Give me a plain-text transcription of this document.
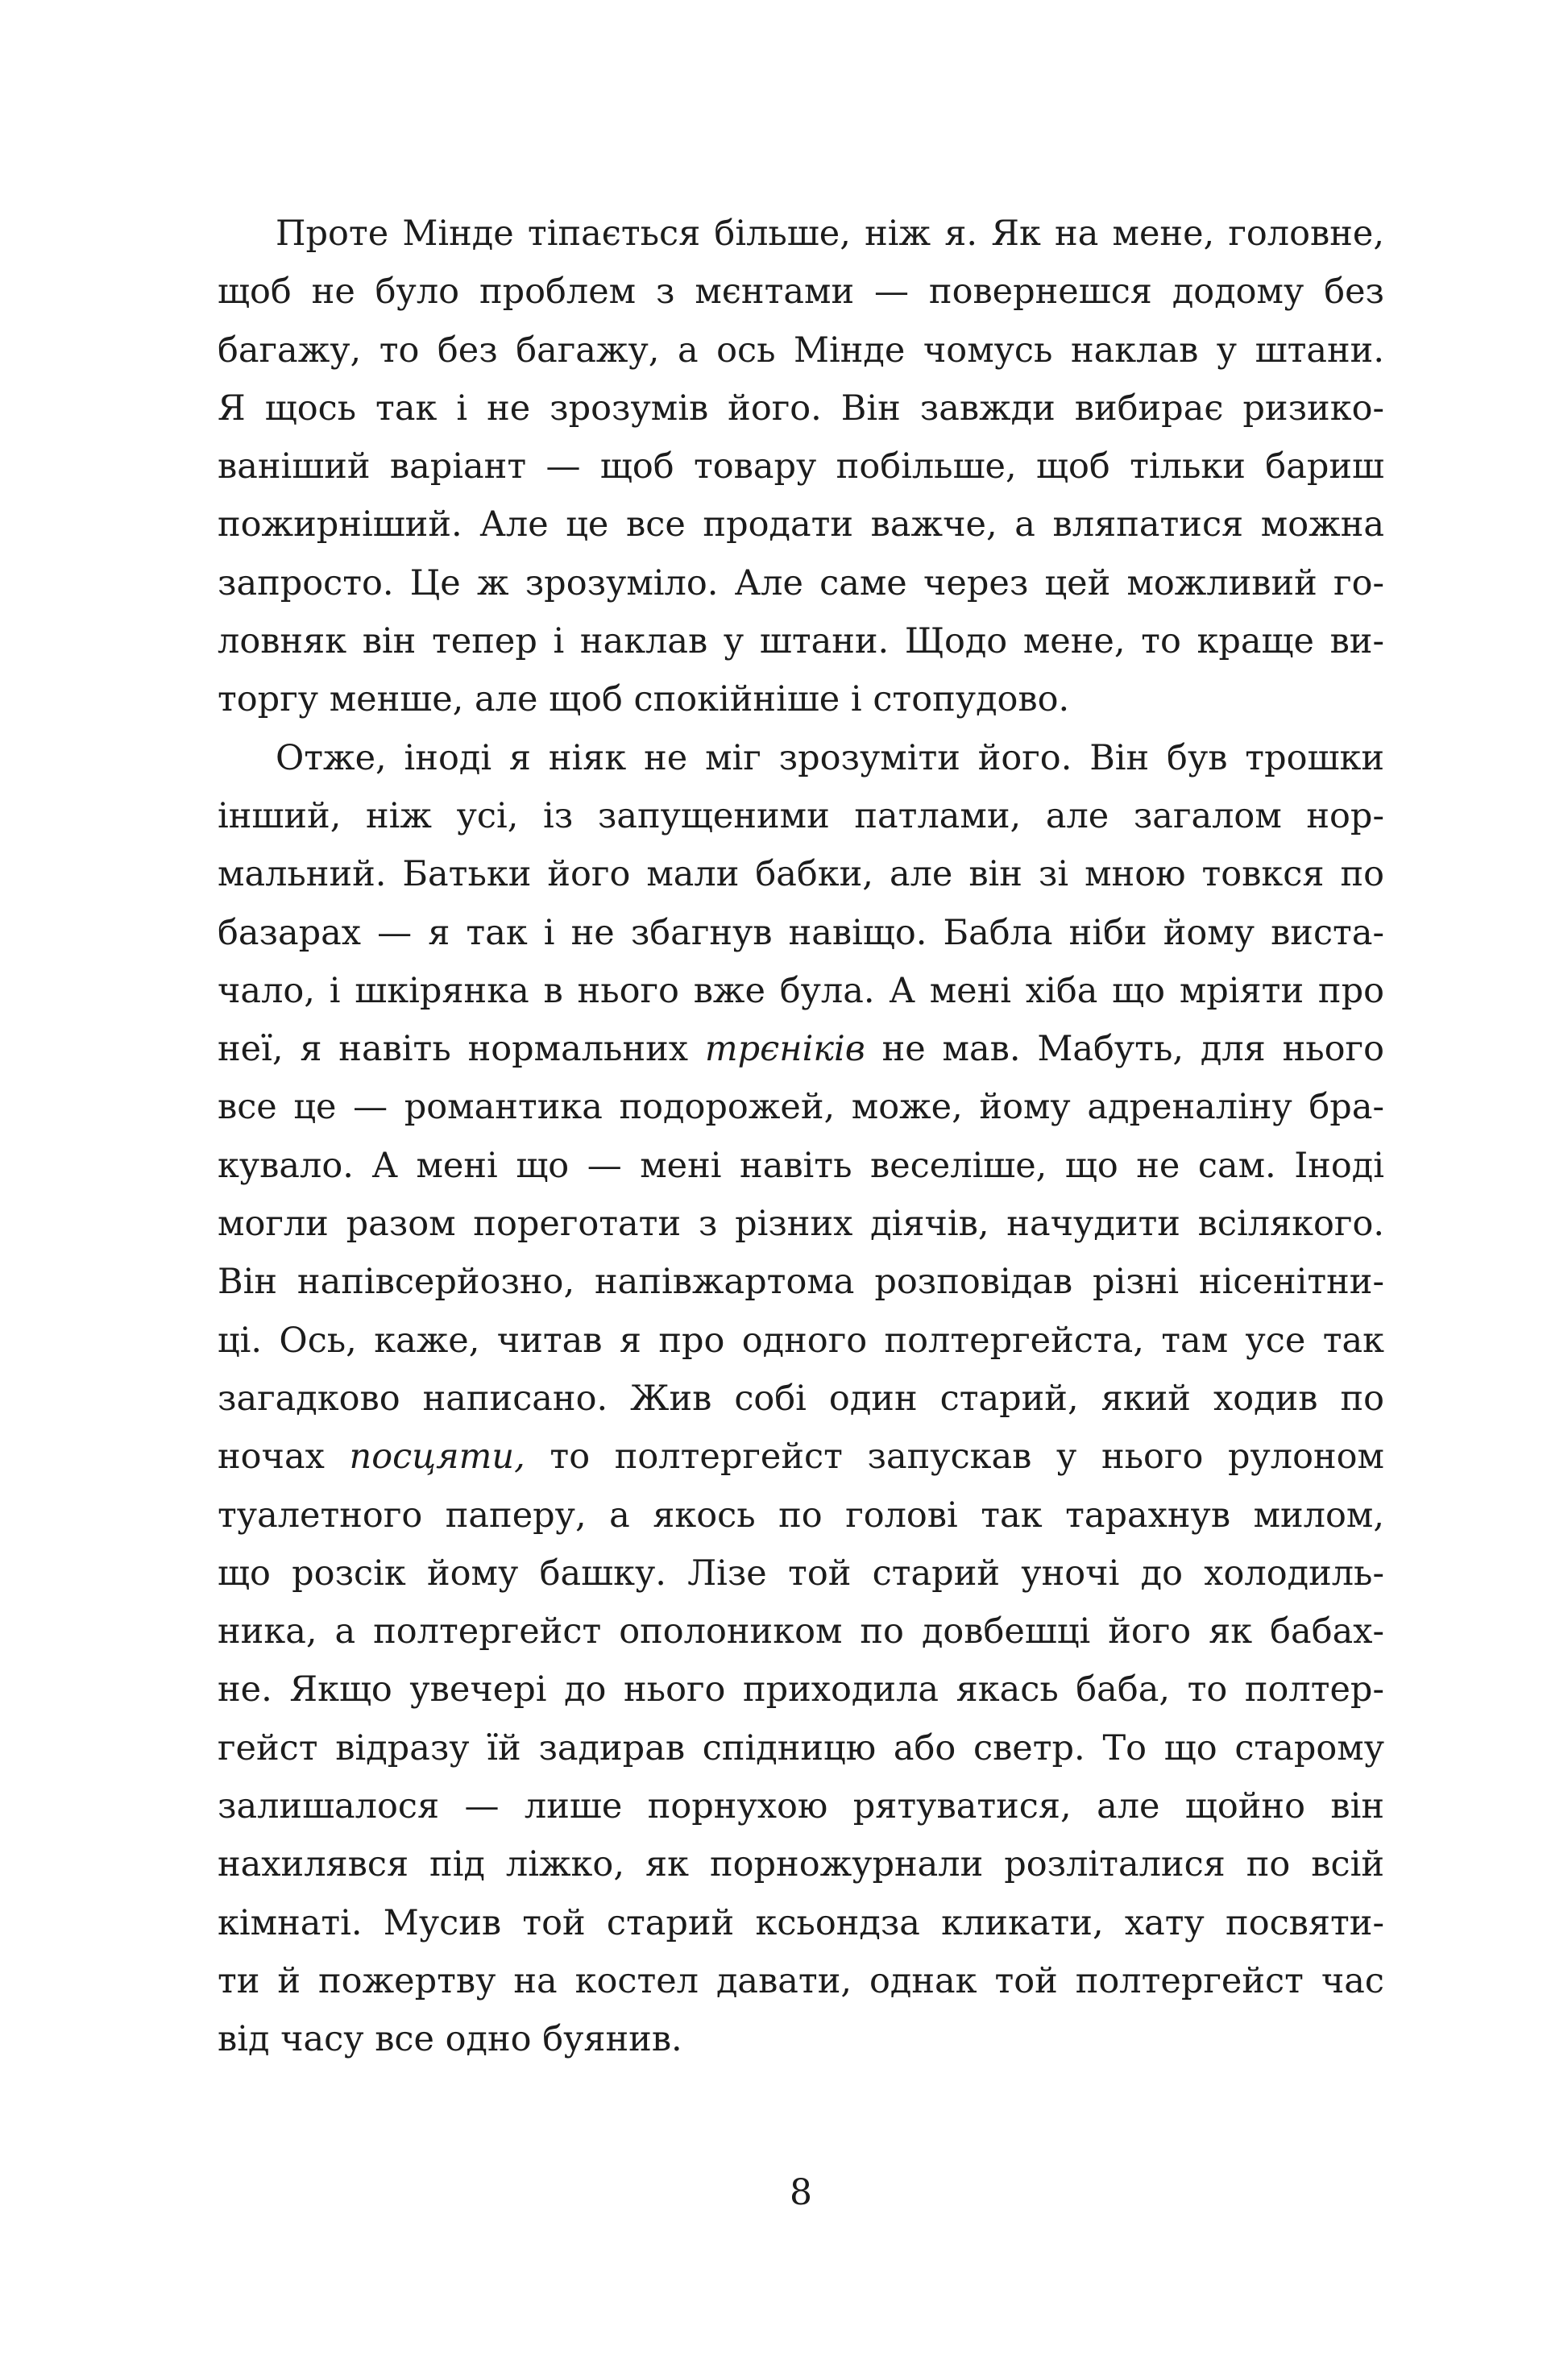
Проте Мінде тіпається більше, ніж я. Як на мене, головне,
щоб не було проблем з мєнтами — повернешся додому без
багажу, то без багажу, а ось Мінде чомусь наклав у штани.
Я щось так і не зрозумів його. Він завжди вибирає ризико-
ваніший варіант — щоб товару побільше, щоб тільки бариш
пожирніший. Але це все продати важче, а вляпатися можна
запросто. Це ж зрозуміло. Але саме через цей можливий го-
ловняк він тепер і наклав у штани. Щодо мене, то краще ви-
торгу менше, але щоб спокійніше і стопудово.
Отже, іноді я ніяк не міг зрозуміти його. Він був трошки
інший, ніж усі, із запущеними патлами, але загалом нор-
мальний. Батьки його мали бабки, але він зі мною товкся по
базарах — я так і не збагнув навіщо. Бабла ніби йому виста-
чало, і шкірянка в нього вже була. А мені хіба що мріяти про
неї, я навіть нормальних трєніків не мав. Мабуть, для нього
все це — романтика подорожей, може, йому адреналіну бра-
кувало. А мені що — мені навіть веселіше, що не сам. Іноді
могли разом пореготати з різних діячів, начудити всілякого.
Він напівсерйозно, напівжартома розповідав різні нісенітни-
ці. Ось, каже, читав я про одного полтергейста, там усе так
загадково написано. Жив собі один старий, який ходив по
ночах посцяти, то полтергейст запускав у нього рулоном
туалетного паперу, а якось по голові так тарахнув милом,
що розсік йому башку. Лізе той старий уночі до холодиль-
ника, а полтергейст ополоником по довбешці його як бабах-
не. Якщо увечері до нього приходила якась баба, то полтер-
гейст відразу їй задирав спідницю або светр. То що старому
залишалося — лише порнухою рятуватися, але щойно він
нахилявся під ліжко, як порножурнали розліталися по всій
кімнаті. Мусив той старий ксьондза кликати, хату посвяти-
ти й пожертву на костел давати, однак той полтергейст час
від часу все одно буянив.
8
